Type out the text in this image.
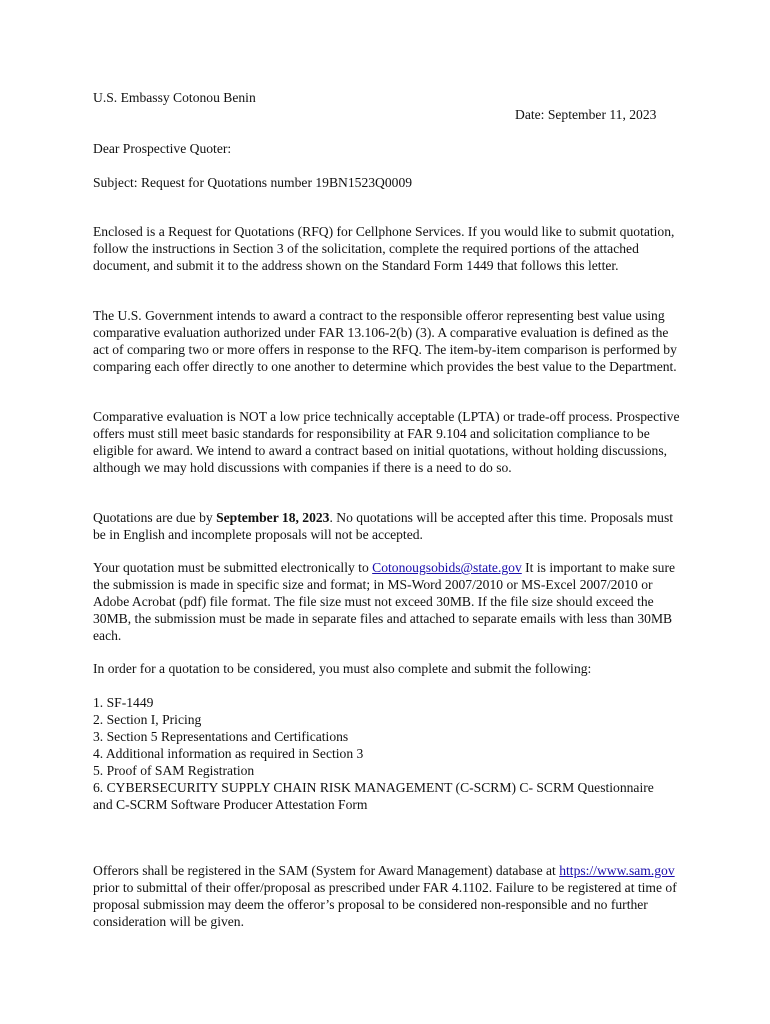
U.S. Embassy Cotonou Benin
Date: September 11, 2023
Dear Prospective Quoter:
Subject: Request for Quotations number 19BN1523Q0009

Enclosed is a Request for Quotations (RFQ) for Cellphone Services. If you would like to submit quotation, follow the instructions in Section 3 of the solicitation, complete the required portions of the attached document, and submit it to the address shown on the Standard Form 1449 that follows this letter.

The U.S. Government intends to award a contract to the responsible offeror representing best value using comparative evaluation authorized under FAR 13.106-2(b) (3). A comparative evaluation is defined as the act of comparing two or more offers in response to the RFQ. The item-by-item comparison is performed by comparing each offer directly to one another to determine which provides the best value to the Department.

Comparative evaluation is NOT a low price technically acceptable (LPTA) or trade-off process. Prospective offers must still meet basic standards for responsibility at FAR 9.104 and solicitation compliance to be eligible for award. We intend to award a contract based on initial quotations, without holding discussions, although we may hold discussions with companies if there is a need to do so.

Quotations are due by September 18, 2023. No quotations will be accepted after this time. Proposals must be in English and incomplete proposals will not be accepted.

Your quotation must be submitted electronically to Cotonougsobids@state.gov It is important to make sure the submission is made in specific size and format; in MS-Word 2007/2010 or MS-Excel 2007/2010 or Adobe Acrobat (pdf) file format. The file size must not exceed 30MB. If the file size should exceed the 30MB, the submission must be made in separate files and attached to separate emails with less than 30MB each.

In order for a quotation to be considered, you must also complete and submit the following:

1. SF-1449
2. Section I, Pricing
3. Section 5 Representations and Certifications
4. Additional information as required in Section 3
5. Proof of SAM Registration
6. CYBERSECURITY SUPPLY CHAIN RISK MANAGEMENT (C-SCRM) C- SCRM Questionnaire and C-SCRM Software Producer Attestation Form

Offerors shall be registered in the SAM (System for Award Management) database at https://www.sam.gov prior to submittal of their offer/proposal as prescribed under FAR 4.1102. Failure to be registered at time of proposal submission may deem the offeror’s proposal to be considered non-responsible and no further consideration will be given.
